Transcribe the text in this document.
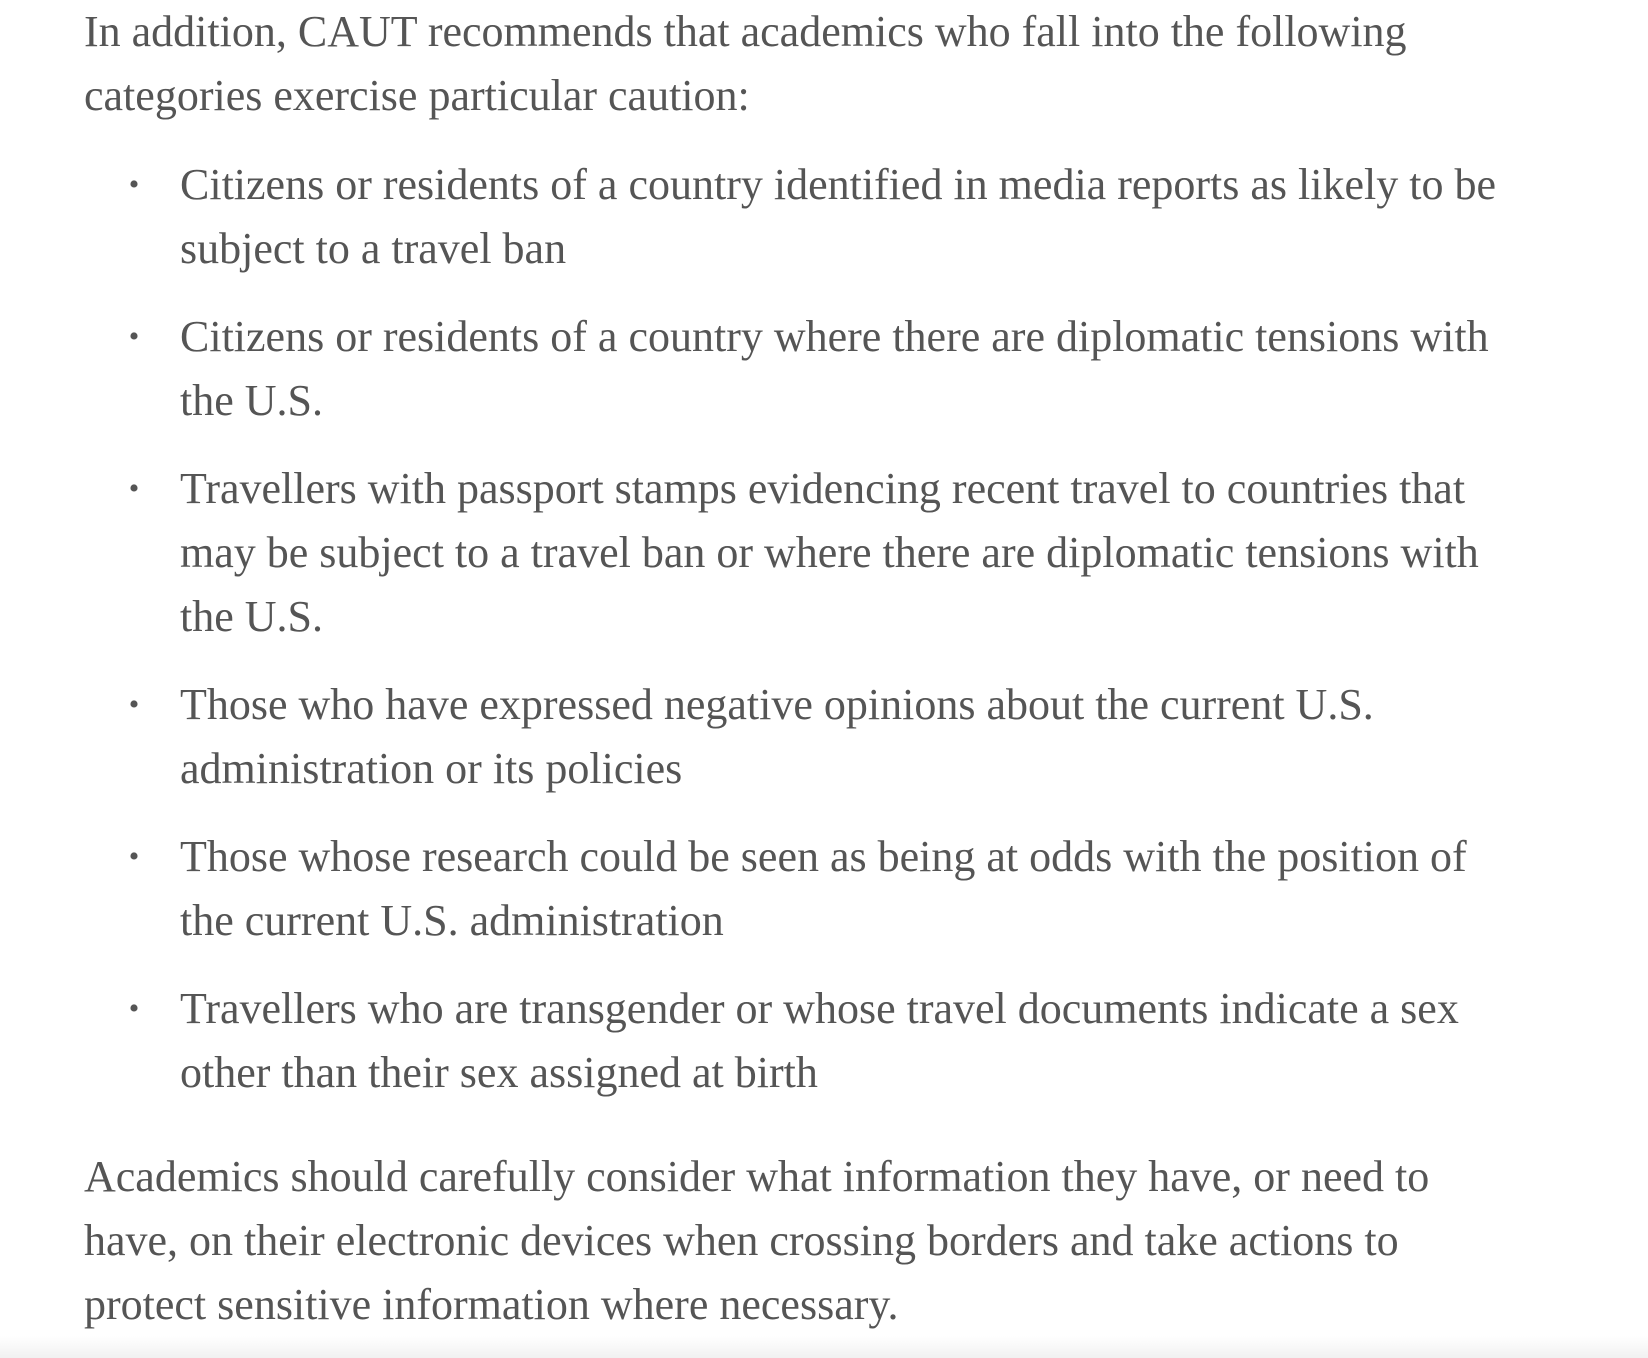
In addition, CAUT recommends that academics who fall into the following
categories exercise particular caution:

• Citizens or residents of a country identified in media reports as likely to be
subject to a travel ban
• Citizens or residents of a country where there are diplomatic tensions with
the U.S.
• Travellers with passport stamps evidencing recent travel to countries that
may be subject to a travel ban or where there are diplomatic tensions with
the U.S.
• Those who have expressed negative opinions about the current U.S.
administration or its policies
• Those whose research could be seen as being at odds with the position of
the current U.S. administration
• Travellers who are transgender or whose travel documents indicate a sex
other than their sex assigned at birth

Academics should carefully consider what information they have, or need to
have, on their electronic devices when crossing borders and take actions to
protect sensitive information where necessary.
